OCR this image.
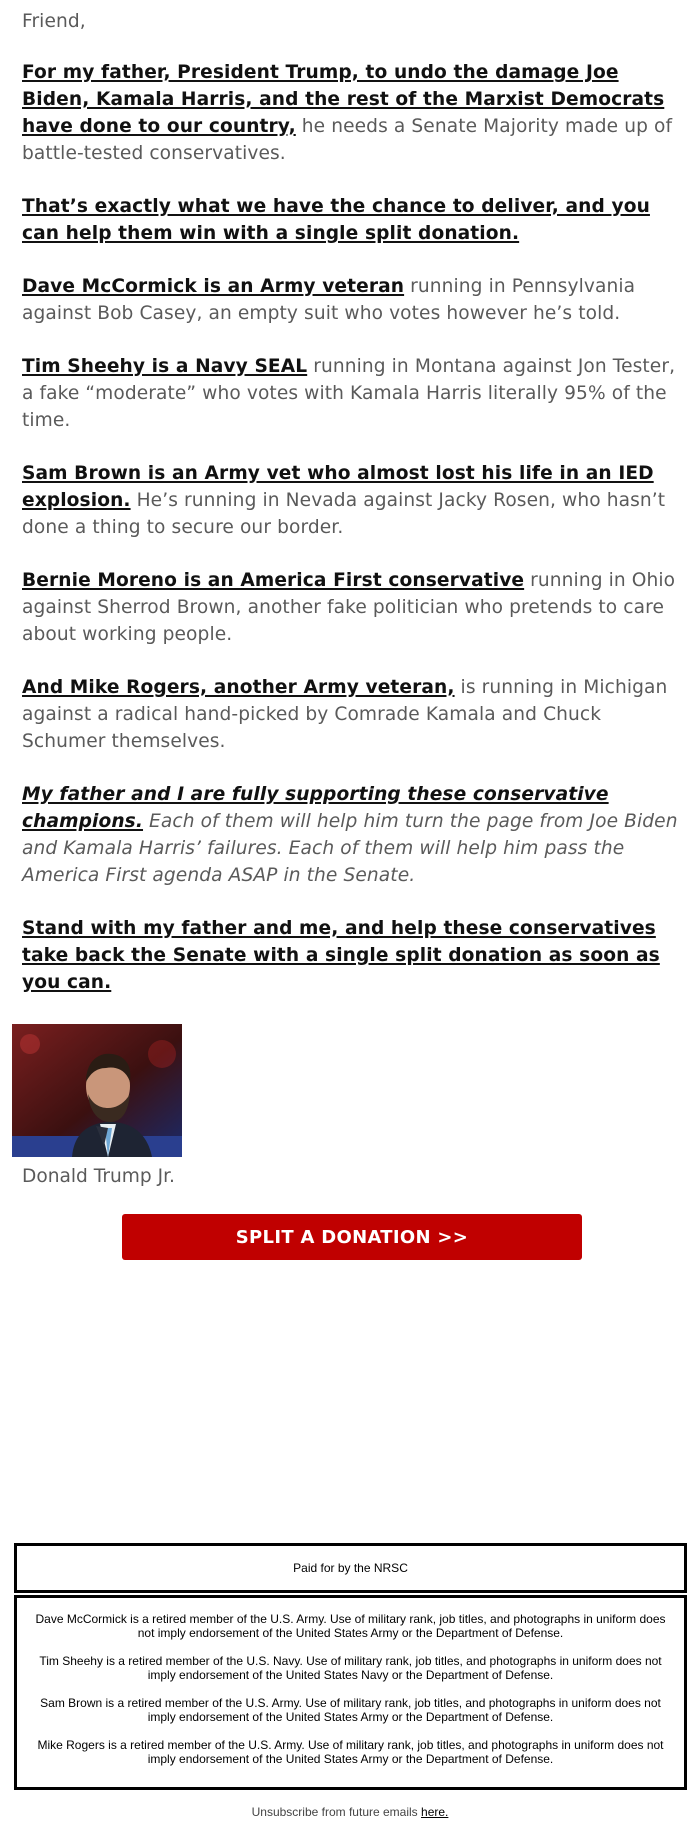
Friend,

For my father, President Trump, to undo the damage Joe Biden, Kamala Harris, and the rest of the Marxist Democrats have done to our country, he needs a Senate Majority made up of battle-tested conservatives.

That’s exactly what we have the chance to deliver, and you can help them win with a single split donation.

Dave McCormick is an Army veteran running in Pennsylvania against Bob Casey, an empty suit who votes however he’s told.

Tim Sheehy is a Navy SEAL running in Montana against Jon Tester, a fake “moderate” who votes with Kamala Harris literally 95% of the time.

Sam Brown is an Army vet who almost lost his life in an IED explosion. He’s running in Nevada against Jacky Rosen, who hasn’t done a thing to secure our border.

Bernie Moreno is an America First conservative running in Ohio against Sherrod Brown, another fake politician who pretends to care about working people.

And Mike Rogers, another Army veteran, is running in Michigan against a radical hand-picked by Comrade Kamala and Chuck Schumer themselves.

My father and I are fully supporting these conservative champions. Each of them will help him turn the page from Joe Biden and Kamala Harris’ failures. Each of them will help him pass the America First agenda ASAP in the Senate.

Stand with my father and me, and help these conservatives take back the Senate with a single split donation as soon as you can.

Donald Trump Jr.
SPLIT A DONATION >>
Paid for by the NRSC
Dave McCormick is a retired member of the U.S. Army. Use of military rank, job titles, and photographs in uniform does not imply endorsement of the United States Army or the Department of Defense.
Tim Sheehy is a retired member of the U.S. Navy. Use of military rank, job titles, and photographs in uniform does not imply endorsement of the United States Navy or the Department of Defense.
Sam Brown is a retired member of the U.S. Army. Use of military rank, job titles, and photographs in uniform does not imply endorsement of the United States Army or the Department of Defense.
Mike Rogers is a retired member of the U.S. Army. Use of military rank, job titles, and photographs in uniform does not imply endorsement of the United States Army or the Department of Defense.
Unsubscribe from future emails here.
